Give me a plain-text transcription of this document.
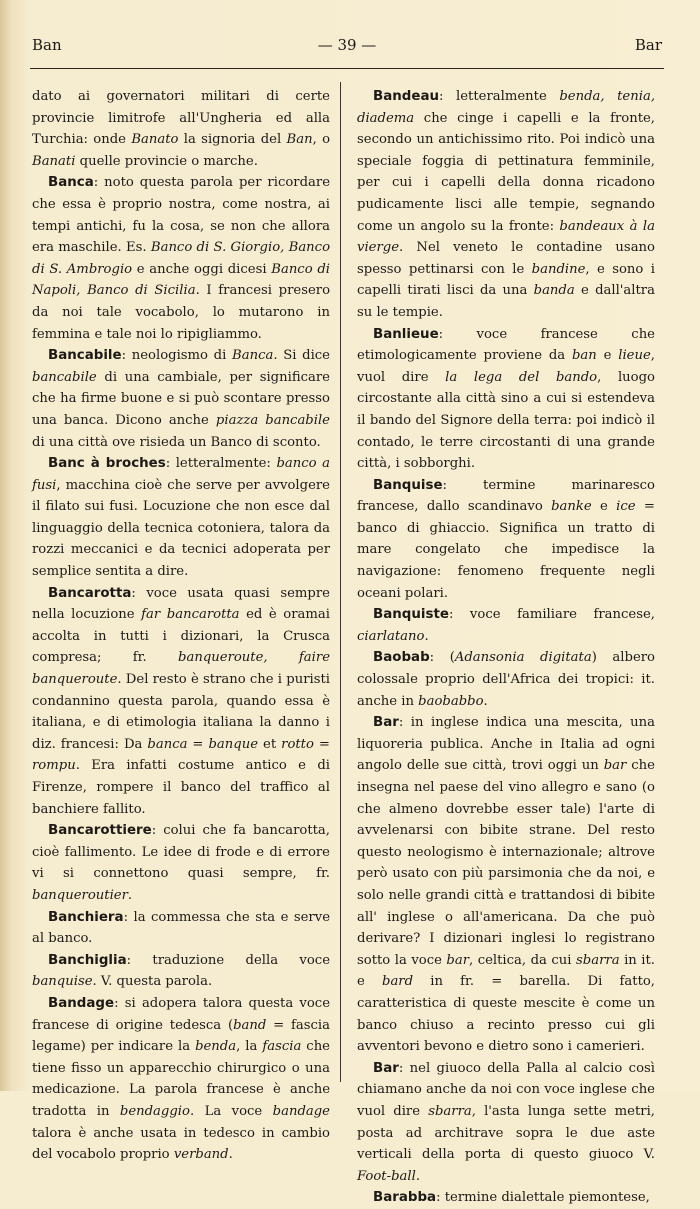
Ban	— 39 —	Bar

dato ai governatori militari di certe provincie limitrofe all'Ungheria ed alla Turchia: onde Banato la signoria del Ban, o Banati quelle provincie o marche.

Banca: noto questa parola per ricordare che essa è proprio nostra, come nostra, ai tempi antichi, fu la cosa, se non che allora era maschile. Es. Banco di S. Giorgio, Banco di S. Ambrogio e anche oggi dicesi Banco di Napoli, Banco di Sicilia. I francesi presero da noi tale vocabolo, lo mutarono in femmina e tale noi lo ripigliammo.

Bancabile: neologismo di Banca. Si dice bancabile di una cambiale, per significare che ha firme buone e si può scontare presso una banca. Dicono anche piazza bancabile di una città ove risieda un Banco di sconto.

Banc à broches: letteralmente: banco a fusi, macchina cioè che serve per avvolgere il filato sui fusi. Locuzione che non esce dal linguaggio della tecnica cotoniera, talora da rozzi meccanici e da tecnici adoperata per semplice sentita a dire.

Bancarotta: voce usata quasi sempre nella locuzione far bancarotta ed è oramai accolta in tutti i dizionari, la Crusca compresa; fr. banqueroute, faire banqueroute. Del resto è strano che i puristi condannino questa parola, quando essa è italiana, e di etimologia italiana la danno i diz. francesi: Da banca = banque et rotto = rompu. Era infatti costume antico e di Firenze, rompere il banco del traffico al banchiere fallito.

Bancarottiere: colui che fa bancarotta, cioè fallimento. Le idee di frode e di errore vi si connettono quasi sempre, fr. banqueroutier.

Banchiera: la commessa che sta e serve al banco.

Banchiglia: traduzione della voce banquise. V. questa parola.

Bandage: si adopera talora questa voce francese di origine tedesca (band = fascia legame) per indicare la benda, la fascia che tiene fisso un apparecchio chirurgico o una medicazione. La parola francese è anche tradotta in bendaggio. La voce bandage talora è anche usata in tedesco in cambio del vocabolo proprio verband.

Bandeau: letteralmente benda, tenia, diadema che cinge i capelli e la fronte, secondo un antichissimo rito. Poi indicò una speciale foggia di pettinatura femminile, per cui i capelli della donna ricadono pudicamente lisci alle tempie, segnando come un angolo su la fronte: bandeaux à la vierge. Nel veneto le contadine usano spesso pettinarsi con le bandine, e sono i capelli tirati lisci da una banda e dall'altra su le tempie.

Banlieue: voce francese che etimologicamente proviene da ban e lieue, vuol dire la lega del bando, luogo circostante alla città sino a cui si estendeva il bando del Signore della terra: poi indicò il contado, le terre circostanti di una grande città, i sobborghi.

Banquise: termine marinaresco francese, dallo scandinavo banke e ice = banco di ghiaccio. Significa un tratto di mare congelato che impedisce la navigazione: fenomeno frequente negli oceani polari.

Banquiste: voce familiare francese, ciarlatano.

Baobab: (Adansonia digitata) albero colossale proprio dell'Africa dei tropici: it. anche in baobabbo.

Bar: in inglese indica una mescita, una liquoreria publica. Anche in Italia ad ogni angolo delle sue città, trovi oggi un bar che insegna nel paese del vino allegro e sano (o che almeno dovrebbe esser tale) l'arte di avvelenarsi con bibite strane. Del resto questo neologismo è internazionale; altrove però usato con più parsimonia che da noi, e solo nelle grandi città e trattandosi di bibite all' inglese o all'americana. Da che può derivare? I dizionari inglesi lo registrano sotto la voce bar, celtica, da cui sbarra in it. e bard in fr. = barella. Di fatto, caratteristica di queste mescite è come un banco chiuso a recinto presso cui gli avventori bevono e dietro sono i camerieri.

Bar: nel giuoco della Palla al calcio così chiamano anche da noi con voce inglese che vuol dire sbarra, l'asta lunga sette metri, posta ad architrave sopra le due aste verticali della porta di questo giuoco V. Foot-ball.

Barabba: termine dialettale piemontese,
